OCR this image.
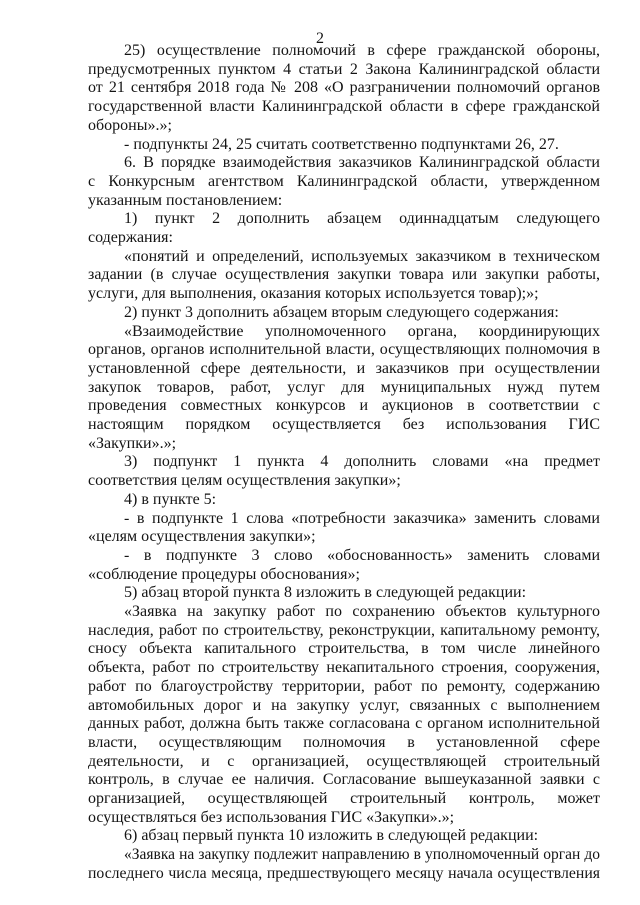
2
25) осуществление полномочий в сфере гражданской обороны,
предусмотренных пунктом 4 статьи 2 Закона Калининградской области
от 21 сентября 2018 года № 208 «О разграничении полномочий органов
государственной власти Калининградской области в сфере гражданской
обороны».»;
- подпункты 24, 25 считать соответственно подпунктами 26, 27.
6. В порядке взаимодействия заказчиков Калининградской области
с Конкурсным агентством Калининградской области, утвержденном
указанным постановлением:
1) пункт 2 дополнить абзацем одиннадцатым следующего
содержания:
«понятий и определений, используемых заказчиком в техническом
задании (в случае осуществления закупки товара или закупки работы,
услуги, для выполнения, оказания которых используется товар);»;
2) пункт 3 дополнить абзацем вторым следующего содержания:
«Взаимодействие уполномоченного органа, координирующих
органов, органов исполнительной власти, осуществляющих полномочия в
установленной сфере деятельности, и заказчиков при осуществлении
закупок товаров, работ, услуг для муниципальных нужд путем
проведения совместных конкурсов и аукционов в соответствии с
настоящим порядком осуществляется без использования ГИС
«Закупки».»;
3) подпункт 1 пункта 4 дополнить словами «на предмет
соответствия целям осуществления закупки»;
4) в пункте 5:
- в подпункте 1 слова «потребности заказчика» заменить словами
«целям осуществления закупки»;
- в подпункте 3 слово «обоснованность» заменить словами
«соблюдение процедуры обоснования»;
5) абзац второй пункта 8 изложить в следующей редакции:
«Заявка на закупку работ по сохранению объектов культурного
наследия, работ по строительству, реконструкции, капитальному ремонту,
сносу объекта капитального строительства, в том числе линейного
объекта, работ по строительству некапитального строения, сооружения,
работ по благоустройству территории, работ по ремонту, содержанию
автомобильных дорог и на закупку услуг, связанных с выполнением
данных работ, должна быть также согласована с органом исполнительной
власти, осуществляющим полномочия в установленной сфере
деятельности, и с организацией, осуществляющей строительный
контроль, в случае ее наличия. Согласование вышеуказанной заявки с
организацией, осуществляющей строительный контроль, может
осуществляться без использования ГИС «Закупки».»;
6) абзац первый пункта 10 изложить в следующей редакции:
«Заявка на закупку подлежит направлению в уполномоченный орган до
последнего числа месяца, предшествующего месяцу начала осуществления
